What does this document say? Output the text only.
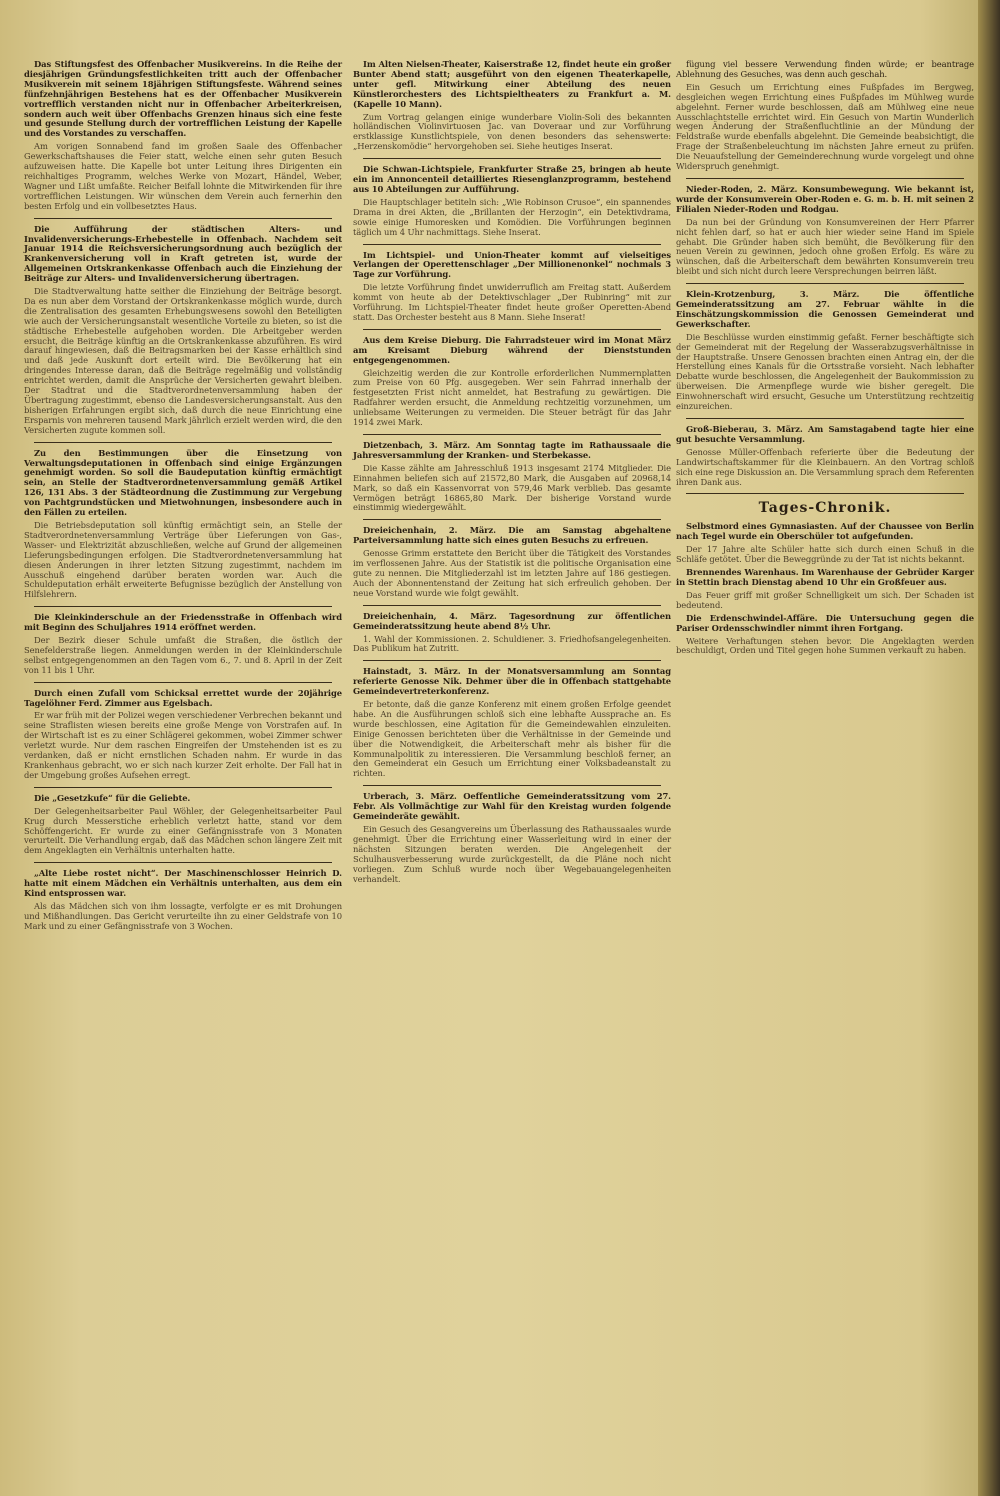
Das Stiftungsfest des Offenbacher Musikvereins. In die Reihe der diesjährigen Gründungsfestlichkeiten tritt auch der Offenbacher Musikverein mit seinem 18jährigen Stiftungsfeste. Während seines fünfzehnjährigen Bestehens hat es der Offenbacher Musikverein vortrefflich verstanden nicht nur in Offenbacher Arbeiterkreisen, sondern auch weit über Offenbachs Grenzen hinaus sich eine feste und gesunde Stellung durch der vortrefflichen Leistung der Kapelle und des Vorstandes zu verschaffen.

Am vorigen Sonnabend fand im großen Saale des Offenbacher Gewerkschaftshauses die Feier statt, welche einen sehr guten Besuch aufzuweisen hatte. Die Kapelle bot unter Leitung ihres Dirigenten ein reichhaltiges Programm, welches Werke von Mozart, Händel, Weber, Wagner und Lißt umfaßte. Reicher Beifall lohnte die Mitwirkenden für ihre vortrefflichen Leistungen. Wir wünschen dem Verein auch fernerhin den besten Erfolg und ein vollbesetztes Haus.

Die Aufführung der städtischen Alters- und Invalidenversicherungs-Erhebestelle in Offenbach. Nachdem seit Januar 1914 die Reichsversicherungsordnung auch bezüglich der Krankenversicherung voll in Kraft getreten ist, wurde der Allgemeinen Ortskrankenkasse Offenbach auch die Einziehung der Beiträge zur Alters- und Invalidenversicherung übertragen.

Die Stadtverwaltung hatte seither die Einziehung der Beiträge besorgt. Da es nun aber dem Vorstand der Ortskrankenkasse möglich wurde, durch die Zentralisation des gesamten Erhebungswesens sowohl den Beteiligten wie auch der Versicherungsanstalt wesentliche Vorteile zu bieten, so ist die städtische Erhebestelle aufgehoben worden. Die Arbeitgeber werden ersucht, die Beiträge künftig an die Ortskrankenkasse abzuführen. Es wird darauf hingewiesen, daß die Beitragsmarken bei der Kasse erhältlich sind und daß jede Auskunft dort erteilt wird. Die Bevölkerung hat ein dringendes Interesse daran, daß die Beiträge regelmäßig und vollständig entrichtet werden, damit die Ansprüche der Versicherten gewahrt bleiben. Der Stadtrat und die Stadtverordnetenversammlung haben der Übertragung zugestimmt, ebenso die Landesversicherungsanstalt. Aus den bisherigen Erfahrungen ergibt sich, daß durch die neue Einrichtung eine Ersparnis von mehreren tausend Mark jährlich erzielt werden wird, die den Versicherten zugute kommen soll.

Zu den Bestimmungen über die Einsetzung von Verwaltungsdeputationen in Offenbach sind einige Ergänzungen genehmigt worden. So soll die Baudeputation künftig ermächtigt sein, an Stelle der Stadtverordnetenversammlung gemäß Artikel 126, 131 Abs. 3 der Städteordnung die Zustimmung zur Vergebung von Pachtgrundstücken und Mietwohnungen, insbesondere auch in den Fällen zu erteilen.

Die Betriebsdeputation soll künftig ermächtigt sein, an Stelle der Stadtverordnetenversammlung Verträge über Lieferungen von Gas-, Wasser- und Elektrizität abzuschließen, welche auf Grund der allgemeinen Lieferungsbedingungen erfolgen. Die Stadtverordnetenversammlung hat diesen Änderungen in ihrer letzten Sitzung zugestimmt, nachdem im Ausschuß eingehend darüber beraten worden war. Auch die Schuldeputation erhält erweiterte Befugnisse bezüglich der Anstellung von Hilfslehrern.

Die Kleinkinderschule an der Friedensstraße in Offenbach wird mit Beginn des Schuljahres 1914 eröffnet werden.

Der Bezirk dieser Schule umfaßt die Straßen, die östlich der Senefelderstraße liegen. Anmeldungen werden in der Kleinkinderschule selbst entgegengenommen an den Tagen vom 6., 7. und 8. April in der Zeit von 11 bis 1 Uhr.

Durch einen Zufall vom Schicksal errettet wurde der 20jährige Tagelöhner Ferd. Zimmer aus Egelsbach.

Er war früh mit der Polizei wegen verschiedener Verbrechen bekannt und seine Straflisten wiesen bereits eine große Menge von Vorstrafen auf. In der Wirtschaft ist es zu einer Schlägerei gekommen, wobei Zimmer schwer verletzt wurde. Nur dem raschen Eingreifen der Umstehenden ist es zu verdanken, daß er nicht ernstlichen Schaden nahm. Er wurde in das Krankenhaus gebracht, wo er sich nach kurzer Zeit erholte. Der Fall hat in der Umgebung großes Aufsehen erregt.

Die „Gesetzkufe“ für die Geliebte.

Der Gelegenheitsarbeiter Paul Wöhler, der Gelegenheitsarbeiter Paul Krug durch Messerstiche erheblich verletzt hatte, stand vor dem Schöffengericht. Er wurde zu einer Gefängnisstrafe von 3 Monaten verurteilt. Die Verhandlung ergab, daß das Mädchen schon längere Zeit mit dem Angeklagten ein Verhältnis unterhalten hatte.

„Alte Liebe rostet nicht“. Der Maschinenschlosser Heinrich D. hatte mit einem Mädchen ein Verhältnis unterhalten, aus dem ein Kind entsprossen war.

Als das Mädchen sich von ihm lossagte, verfolgte er es mit Drohungen und Mißhandlungen. Das Gericht verurteilte ihn zu einer Geldstrafe von 10 Mark und zu einer Gefängnisstrafe von 3 Wochen.

Im Alten Nielsen-Theater, Kaiserstraße 12, findet heute ein großer Bunter Abend statt; ausgeführt von den eigenen Theaterkapelle, unter gefl. Mitwirkung einer Abteilung des neuen Künstlerorchesters des Lichtspieltheaters zu Frankfurt a. M. (Kapelle 10 Mann).

Zum Vortrag gelangen einige wunderbare Violin-Soli des bekannten holländischen Violinvirtuosen Jac. van Doveraar und zur Vorführung erstklassige Kunstlichtspiele, von denen besonders das sehenswerte: „Herzenskomödie“ hervorgehoben sei. Siehe heutiges Inserat.

Die Schwan-Lichtspiele, Frankfurter Straße 25, bringen ab heute ein im Annoncenteil detailliertes Riesenglanzprogramm, bestehend aus 10 Abteilungen zur Aufführung.

Die Hauptschlager betiteln sich: „Wie Robinson Crusoe“, ein spannendes Drama in drei Akten, die „Brillanten der Herzogin“, ein Detektivdrama, sowie einige Humoresken und Komödien. Die Vorführungen beginnen täglich um 4 Uhr nachmittags. Siehe Inserat.

Im Lichtspiel- und Union-Theater kommt auf vielseitiges Verlangen der Operettenschlager „Der Millionenonkel“ nochmals 3 Tage zur Vorführung.

Die letzte Vorführung findet unwiderruflich am Freitag statt. Außerdem kommt von heute ab der Detektivschlager „Der Rubinring“ mit zur Vorführung. Im Lichtspiel-Theater findet heute großer Operetten-Abend statt. Das Orchester besteht aus 8 Mann. Siehe Inserat!

Aus dem Kreise Dieburg. Die Fahrradsteuer wird im Monat März am Kreisamt Dieburg während der Dienststunden entgegengenommen.

Gleichzeitig werden die zur Kontrolle erforderlichen Nummernplatten zum Preise von 60 Pfg. ausgegeben. Wer sein Fahrrad innerhalb der festgesetzten Frist nicht anmeldet, hat Bestrafung zu gewärtigen. Die Radfahrer werden ersucht, die Anmeldung rechtzeitig vorzunehmen, um unliebsame Weiterungen zu vermeiden. Die Steuer beträgt für das Jahr 1914 zwei Mark.

Dietzenbach, 3. März. Am Sonntag tagte im Rathaussaale die Jahresversammlung der Kranken- und Sterbekasse.

Die Kasse zählte am Jahresschluß 1913 insgesamt 2174 Mitglieder. Die Einnahmen beliefen sich auf 21572,80 Mark, die Ausgaben auf 20968,14 Mark, so daß ein Kassenvorrat von 579,46 Mark verblieb. Das gesamte Vermögen beträgt 16865,80 Mark. Der bisherige Vorstand wurde einstimmig wiedergewählt.

Dreieichenhain, 2. März. Die am Samstag abgehaltene Parteiversammlung hatte sich eines guten Besuchs zu erfreuen.

Genosse Grimm erstattete den Bericht über die Tätigkeit des Vorstandes im verflossenen Jahre. Aus der Statistik ist die politische Organisation eine gute zu nennen. Die Mitgliederzahl ist im letzten Jahre auf 186 gestiegen. Auch der Abonnentenstand der Zeitung hat sich erfreulich gehoben. Der neue Vorstand wurde wie folgt gewählt.

Dreieichenhain, 4. März. Tagesordnung zur öffentlichen Gemeinderatssitzung heute abend 8½ Uhr.

1. Wahl der Kommissionen. 2. Schuldiener. 3. Friedhofsangelegenheiten. Das Publikum hat Zutritt.

Hainstadt, 3. März. In der Monatsversammlung am Sonntag referierte Genosse Nik. Dehmer über die in Offenbach stattgehabte Gemeindevertreterkonferenz.

Er betonte, daß die ganze Konferenz mit einem großen Erfolge geendet habe. An die Ausführungen schloß sich eine lebhafte Aussprache an. Es wurde beschlossen, eine Agitation für die Gemeindewahlen einzuleiten. Einige Genossen berichteten über die Verhältnisse in der Gemeinde und über die Notwendigkeit, die Arbeiterschaft mehr als bisher für die Kommunalpolitik zu interessieren. Die Versammlung beschloß ferner, an den Gemeinderat ein Gesuch um Errichtung einer Volksbadeanstalt zu richten.

Urberach, 3. März. Oeffentliche Gemeinderatssitzung vom 27. Febr. Als Vollmächtige zur Wahl für den Kreistag wurden folgende Gemeinderäte gewählt.

Ein Gesuch des Gesangvereins um Überlassung des Rathaussaales wurde genehmigt. Über die Errichtung einer Wasserleitung wird in einer der nächsten Sitzungen beraten werden. Die Angelegenheit der Schulhausverbesserung wurde zurückgestellt, da die Pläne noch nicht vorliegen. Zum Schluß wurde noch über Wegebauangelegenheiten verhandelt.

fügung viel bessere Verwendung finden würde; er beantrage Ablehnung des Gesuches, was denn auch geschah.

Ein Gesuch um Errichtung eines Fußpfades im Bergweg, desgleichen wegen Errichtung eines Fußpfades im Mühlweg wurde abgelehnt. Ferner wurde beschlossen, daß am Mühlweg eine neue Ausschlachtstelle errichtet wird. Ein Gesuch von Martin Wunderlich wegen Änderung der Straßenfluchtlinie an der Mündung der Feldstraße wurde ebenfalls abgelehnt. Die Gemeinde beabsichtigt, die Frage der Straßenbeleuchtung im nächsten Jahre erneut zu prüfen. Die Neuaufstellung der Gemeinderechnung wurde vorgelegt und ohne Widerspruch genehmigt.

Nieder-Roden, 2. März. Konsumbewegung. Wie bekannt ist, wurde der Konsumverein Ober-Roden e. G. m. b. H. mit seinen 2 Filialen Nieder-Roden und Rodgau.

Da nun bei der Gründung von Konsumvereinen der Herr Pfarrer nicht fehlen darf, so hat er auch hier wieder seine Hand im Spiele gehabt. Die Gründer haben sich bemüht, die Bevölkerung für den neuen Verein zu gewinnen, jedoch ohne großen Erfolg. Es wäre zu wünschen, daß die Arbeiterschaft dem bewährten Konsumverein treu bleibt und sich nicht durch leere Versprechungen beirren läßt.

Klein-Krotzenburg, 3. März. Die öffentliche Gemeinderatssitzung am 27. Februar wählte in die Einschätzungskommission die Genossen Gemeinderat und Gewerkschafter.

Die Beschlüsse wurden einstimmig gefaßt. Ferner beschäftigte sich der Gemeinderat mit der Regelung der Wasserabzugsverhältnisse in der Hauptstraße. Unsere Genossen brachten einen Antrag ein, der die Herstellung eines Kanals für die Ortsstraße vorsieht. Nach lebhafter Debatte wurde beschlossen, die Angelegenheit der Baukommission zu überweisen. Die Armenpflege wurde wie bisher geregelt. Die Einwohnerschaft wird ersucht, Gesuche um Unterstützung rechtzeitig einzureichen.

Groß-Bieberau, 3. März. Am Samstagabend tagte hier eine gut besuchte Versammlung.

Genosse Müller-Offenbach referierte über die Bedeutung der Landwirtschaftskammer für die Kleinbauern. An den Vortrag schloß sich eine rege Diskussion an. Die Versammlung sprach dem Referenten ihren Dank aus.

Tages-Chronik.

Selbstmord eines Gymnasiasten. Auf der Chaussee von Berlin nach Tegel wurde ein Oberschüler tot aufgefunden.

Der 17 Jahre alte Schüler hatte sich durch einen Schuß in die Schläfe getötet. Über die Beweggründe zu der Tat ist nichts bekannt.

Brennendes Warenhaus. Im Warenhause der Gebrüder Karger in Stettin brach Dienstag abend 10 Uhr ein Großfeuer aus.

Das Feuer griff mit großer Schnelligkeit um sich. Der Schaden ist bedeutend.

Die Erdenschwindel-Affäre. Die Untersuchung gegen die Pariser Ordensschwindler nimmt ihren Fortgang.

Weitere Verhaftungen stehen bevor. Die Angeklagten werden beschuldigt, Orden und Titel gegen hohe Summen verkauft zu haben.
